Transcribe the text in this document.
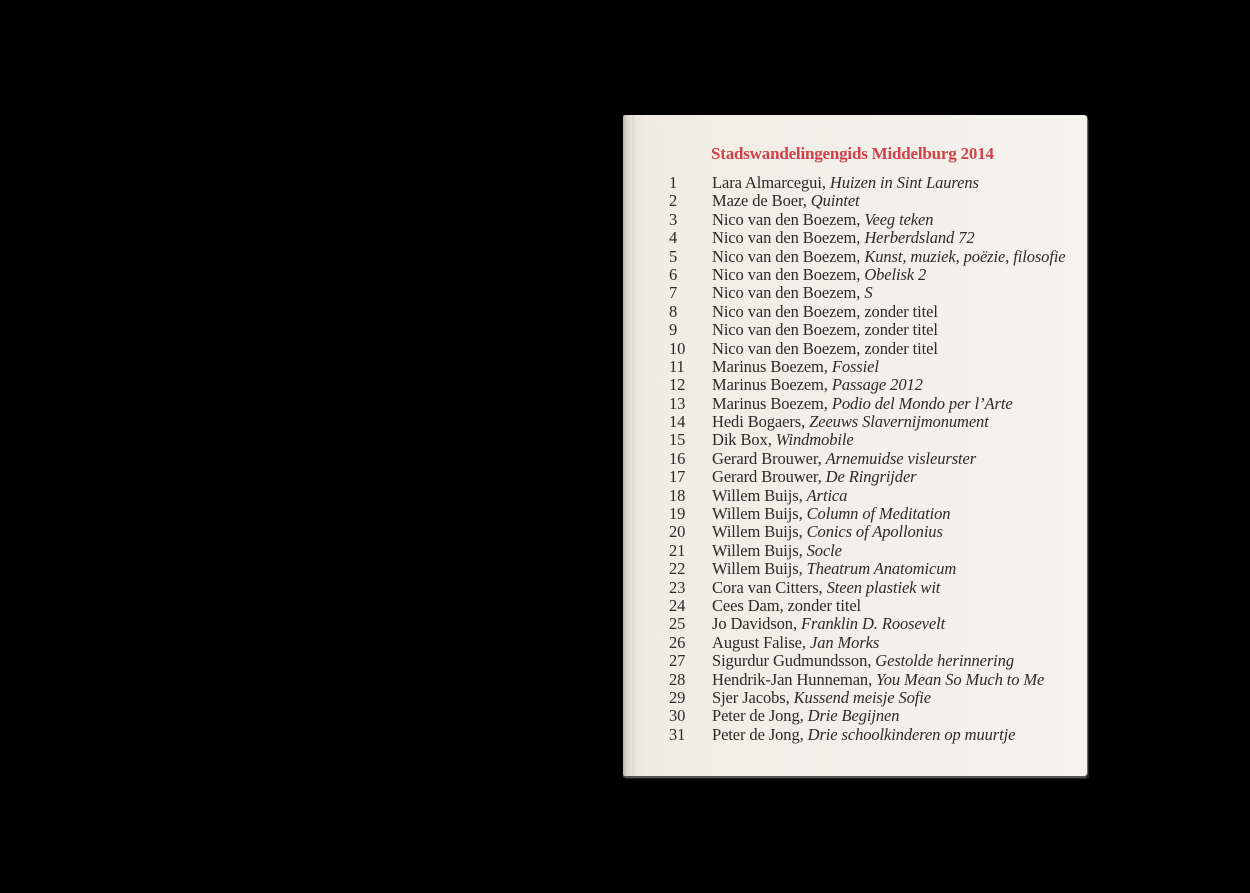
Stadswandelingengids Middelburg 2014
1	Lara Almarcegui, Huizen in Sint Laurens
2	Maze de Boer, Quintet
3	Nico van den Boezem, Veeg teken
4	Nico van den Boezem, Herberdsland 72
5	Nico van den Boezem, Kunst, muziek, poëzie, filosofie
6	Nico van den Boezem, Obelisk 2
7	Nico van den Boezem, S
8	Nico van den Boezem, zonder titel
9	Nico van den Boezem, zonder titel
10	Nico van den Boezem, zonder titel
11	Marinus Boezem, Fossiel
12	Marinus Boezem, Passage 2012
13	Marinus Boezem, Podio del Mondo per l’Arte
14	Hedi Bogaers, Zeeuws Slavernijmonument
15	Dik Box, Windmobile
16	Gerard Brouwer, Arnemuidse visleurster
17	Gerard Brouwer, De Ringrijder
18	Willem Buijs, Artica
19	Willem Buijs, Column of Meditation
20	Willem Buijs, Conics of Apollonius
21	Willem Buijs, Socle
22	Willem Buijs, Theatrum Anatomicum
23	Cora van Citters, Steen plastiek wit
24	Cees Dam, zonder titel
25	Jo Davidson, Franklin D. Roosevelt
26	August Falise, Jan Morks
27	Sigurdur Gudmundsson, Gestolde herinnering
28	Hendrik-Jan Hunneman, You Mean So Much to Me
29	Sjer Jacobs, Kussend meisje Sofie
30	Peter de Jong, Drie Begijnen
31	Peter de Jong, Drie schoolkinderen op muurtje
